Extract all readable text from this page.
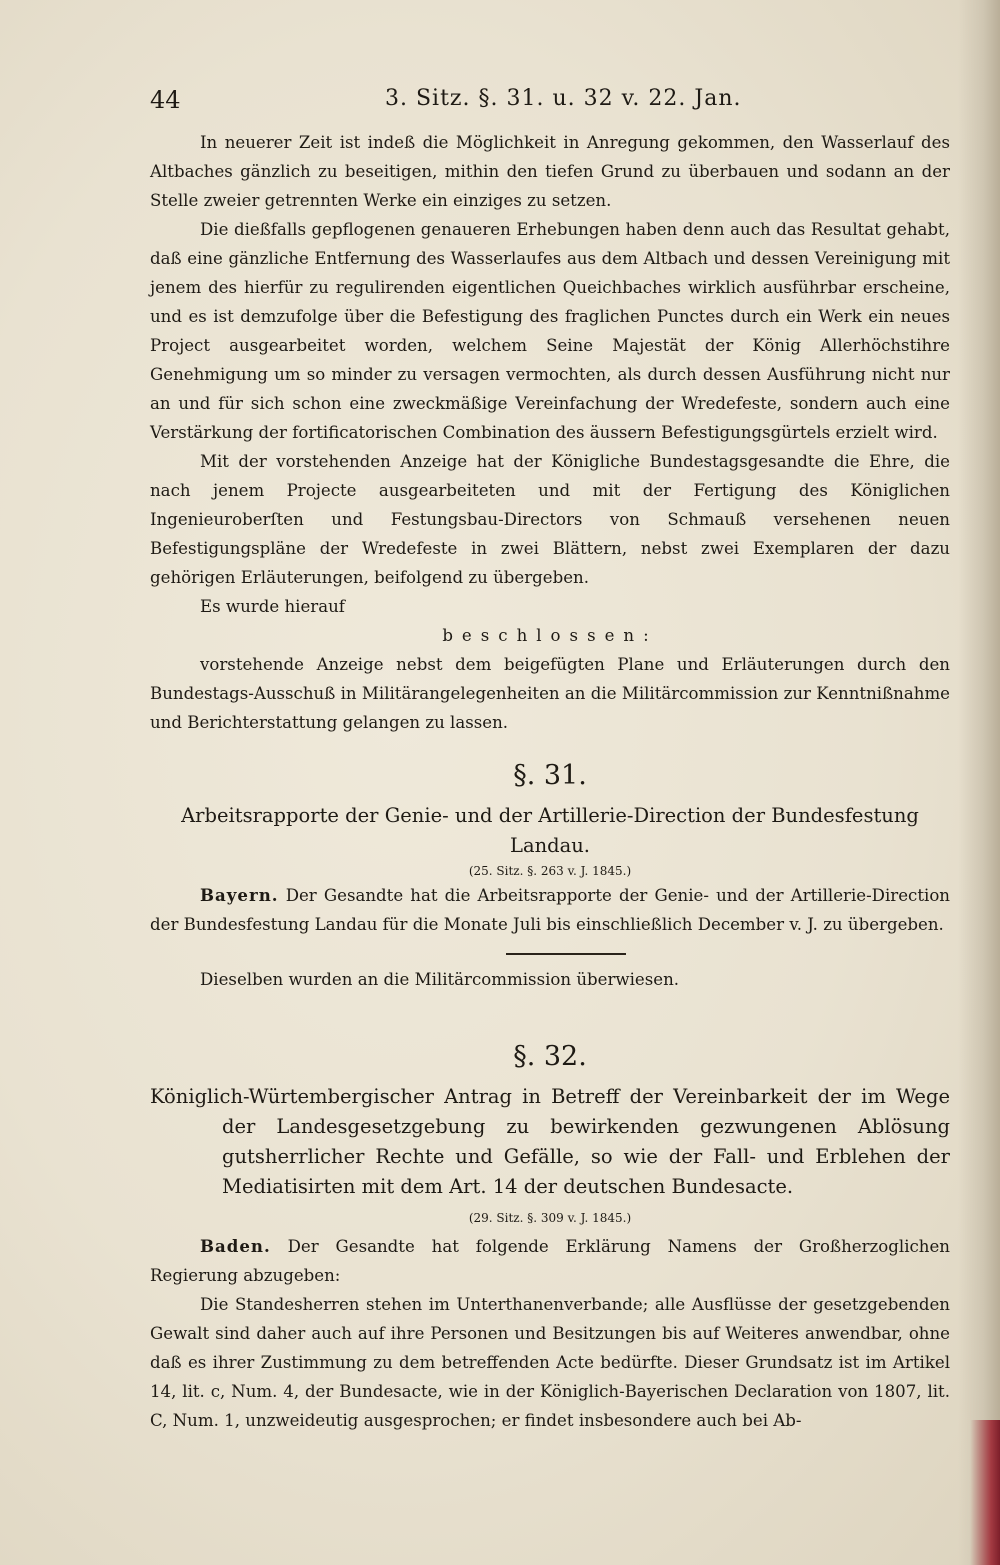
44	3. Sitz. §. 31. u. 32 v. 22. Jan.

In neuerer Zeit ist indeß die Möglichkeit in Anregung gekommen, den Wasserlauf des Altbaches gänzlich zu beseitigen, mithin den tiefen Grund zu überbauen und sodann an der Stelle zweier getrennten Werke ein einziges zu setzen.

Die dießfalls gepflogenen genaueren Erhebungen haben denn auch das Resultat gehabt, daß eine gänzliche Entfernung des Wasserlaufes aus dem Altbach und dessen Vereinigung mit jenem des hierfür zu regulirenden eigentlichen Queichbaches wirklich ausführbar erscheine, und es ist demzufolge über die Befestigung des fraglichen Punctes durch ein Werk ein neues Project ausgearbeitet worden, welchem Seine Majestät der König Allerhöchstihre Genehmigung um so minder zu versagen vermochten, als durch dessen Ausführung nicht nur an und für sich schon eine zweckmäßige Vereinfachung der Wredefeste, sondern auch eine Verstärkung der fortificatorischen Combination des äussern Befestigungsgürtels erzielt wird.

Mit der vorstehenden Anzeige hat der Königliche Bundestagsgesandte die Ehre, die nach jenem Projecte ausgearbeiteten und mit der Fertigung des Königlichen Ingenieuroberſten und Festungsbau-Directors von Schmauß versehenen neuen Befestigungspläne der Wredefeste in zwei Blättern, nebst zwei Exemplaren der dazu gehörigen Erläuterungen, beifolgend zu übergeben.

Es wurde hierauf

beschlossen:

vorstehende Anzeige nebst dem beigefügten Plane und Erläuterungen durch den Bundestags-Ausschuß in Militärangelegenheiten an die Militärcommission zur Kenntnißnahme und Berichterstattung gelangen zu lassen.

§. 31.

Arbeitsrapporte der Genie- und der Artillerie-Direction der Bundesfestung Landau.

(25. Sitz. §. 263 v. J. 1845.)

Bayern. Der Gesandte hat die Arbeitsrapporte der Genie- und der Artillerie-Direction der Bundesfestung Landau für die Monate Juli bis einschließlich December v. J. zu übergeben.

Dieselben wurden an die Militärcommission überwiesen.

§. 32.

Königlich-Würtembergischer Antrag in Betreff der Vereinbarkeit der im Wege der Landesgesetzgebung zu bewirkenden gezwungenen Ablösung gutsherrlicher Rechte und Gefälle, so wie der Fall- und Erblehen der Mediatisirten mit dem Art. 14 der deutschen Bundesacte.

(29. Sitz. §. 309 v. J. 1845.)

Baden. Der Gesandte hat folgende Erklärung Namens der Großherzoglichen Regierung abzugeben:

Die Standesherren stehen im Unterthanenverbande; alle Ausflüsse der gesetzgebenden Gewalt sind daher auch auf ihre Personen und Besitzungen bis auf Weiteres anwendbar, ohne daß es ihrer Zustimmung zu dem betreffenden Acte bedürfte. Dieser Grundsatz ist im Artikel 14, lit. c, Num. 4, der Bundesacte, wie in der Königlich-Bayerischen Declaration von 1807, lit. C, Num. 1, unzweideutig ausgesprochen; er findet insbesondere auch bei Ab-
